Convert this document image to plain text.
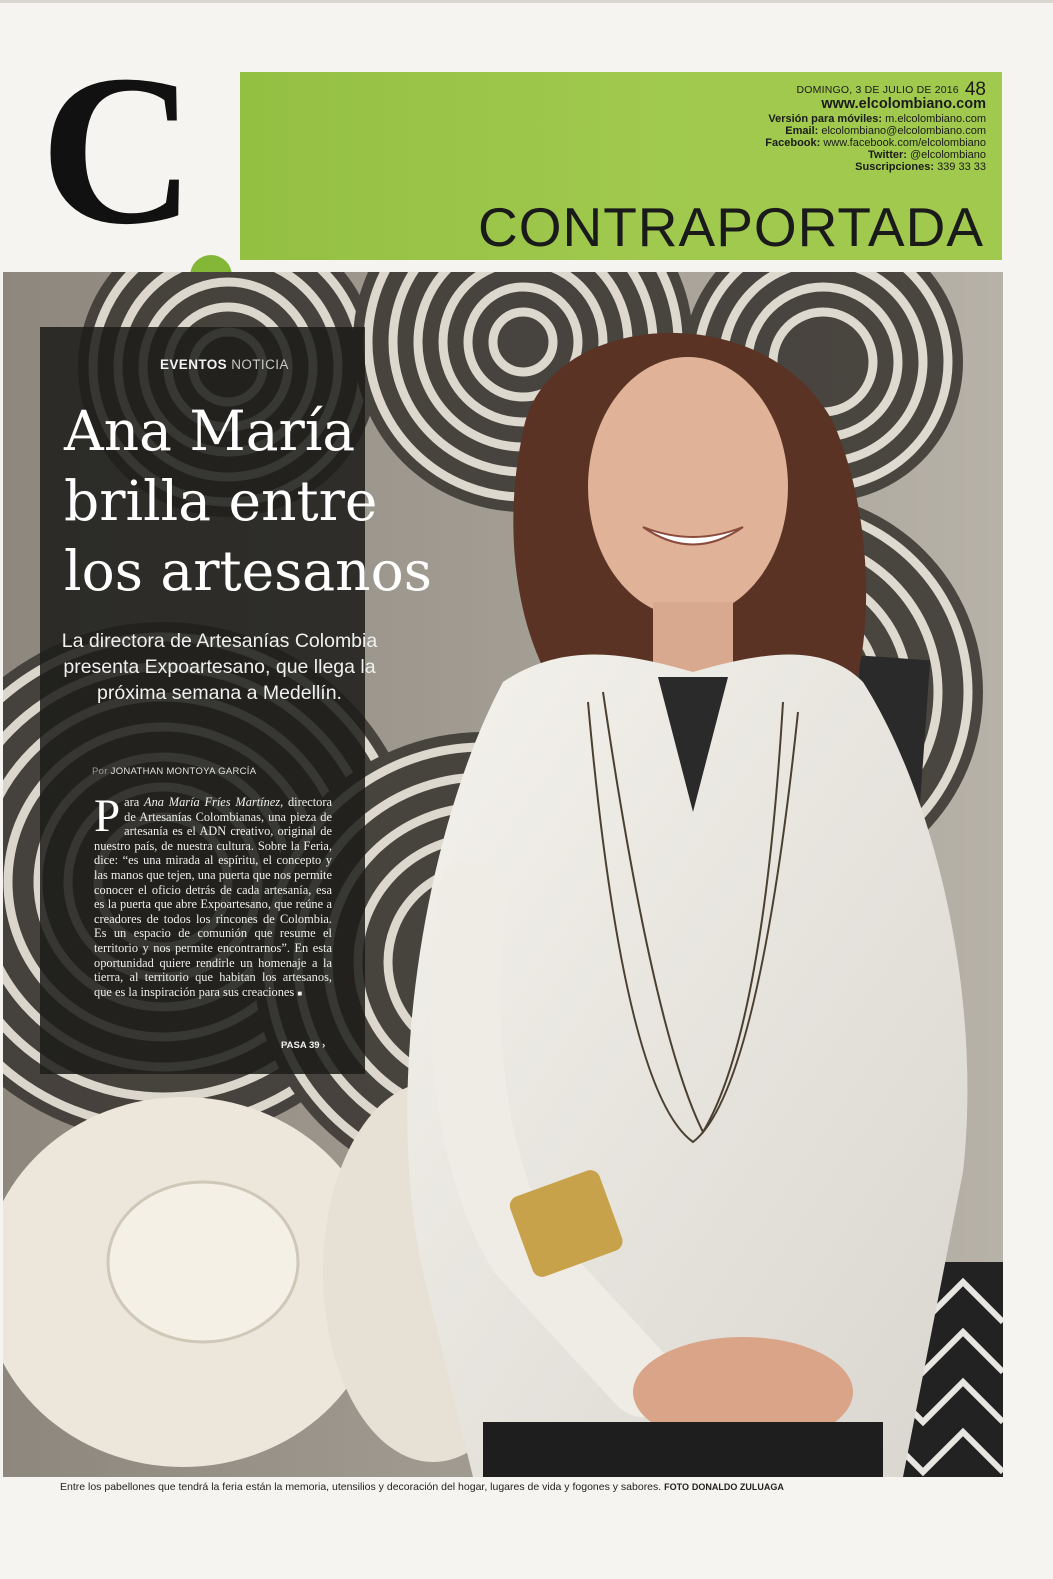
C	DOMINGO, 3 DE JULIO DE 2016 48
www.elcolombiano.com
Versión para móviles: m.elcolombiano.com
Email: elcolombiano@elcolombiano.com
Facebook: www.facebook.com/elcolombiano
Twitter: @elcolombiano
Suscripciones: 339 33 33
CONTRAPORTADA
EVENTOS NOTICIA
Ana María
brilla entre
los artesanos
La directora de Artesanías Colombia presenta Expoartesano, que llega la próxima semana a Medellín.
Por JONATHAN MONTOYA GARCÍA
Para Ana María Fríes Martínez, directora de Artesanías Colombianas, una pieza de artesanía es el ADN creativo, original de nuestro país, de nuestra cultura. Sobre la Feria, dice: “es una mirada al espíritu, el concepto y las manos que tejen, una puerta que nos permite conocer el oficio detrás de cada artesanía, esa es la puerta que abre Expoartesano, que reúne a creadores de todos los rincones de Colombia. Es un espacio de comunión que resume el territorio y nos permite encontrarnos”. En esta oportunidad quiere rendirle un homenaje a la tierra, al territorio que habitan los artesanos, que es la inspiración para sus creaciones ■
PASA 39 ›
Entre los pabellones que tendrá la feria están la memoria, utensilios y decoración del hogar, lugares de vida y fogones y sabores. FOTO DONALDO ZULUAGA
